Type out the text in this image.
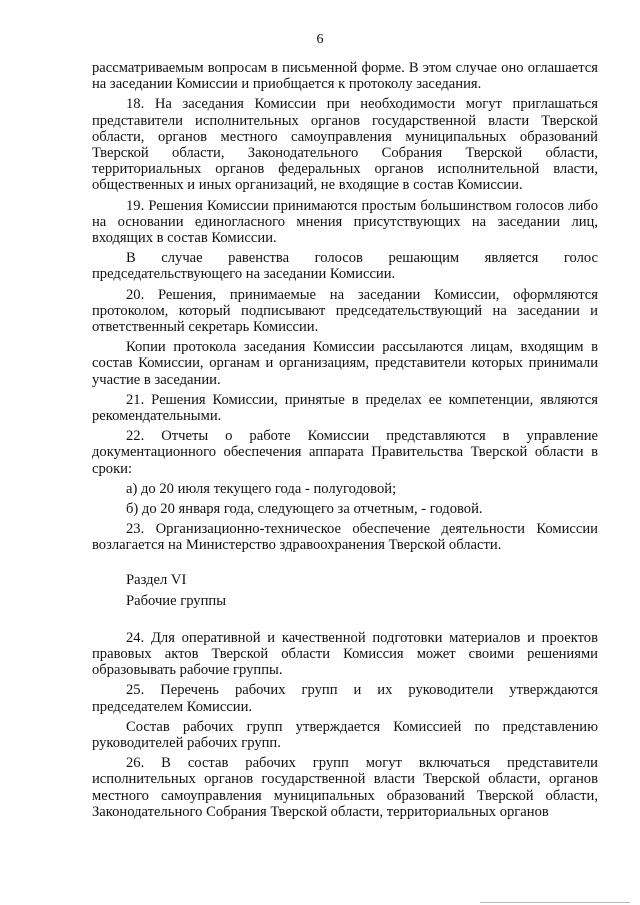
6

рассматриваемым вопросам в письменной форме. В этом случае оно оглашается на заседании Комиссии и приобщается к протоколу заседания.

18. На заседания Комиссии при необходимости могут приглашаться представители исполнительных органов государственной власти Тверской области, органов местного самоуправления муниципальных образований Тверской области, Законодательного Собрания Тверской области, территориальных органов федеральных органов исполнительной власти, общественных и иных организаций, не входящие в состав Комиссии.

19. Решения Комиссии принимаются простым большинством голосов либо на основании единогласного мнения присутствующих на заседании лиц, входящих в состав Комиссии.

В случае равенства голосов решающим является голос председательствующего на заседании Комиссии.

20. Решения, принимаемые на заседании Комиссии, оформляются протоколом, который подписывают председательствующий на заседании и ответственный секретарь Комиссии.

Копии протокола заседания Комиссии рассылаются лицам, входящим в состав Комиссии, органам и организациям, представители которых принимали участие в заседании.

21. Решения Комиссии, принятые в пределах ее компетенции, являются рекомендательными.

22. Отчеты о работе Комиссии представляются в управление документационного обеспечения аппарата Правительства Тверской области в сроки:

а) до 20 июля текущего года - полугодовой;

б) до 20 января года, следующего за отчетным, - годовой.

23. Организационно-техническое обеспечение деятельности Комиссии возлагается на Министерство здравоохранения Тверской области.

Раздел VI

Рабочие группы

24. Для оперативной и качественной подготовки материалов и проектов правовых актов Тверской области Комиссия может своими решениями образовывать рабочие группы.

25. Перечень рабочих групп и их руководители утверждаются председателем Комиссии.

Состав рабочих групп утверждается Комиссией по представлению руководителей рабочих групп.

26. В состав рабочих групп могут включаться представители исполнительных органов государственной власти Тверской области, органов местного самоуправления муниципальных образований Тверской области, Законодательного Собрания Тверской области, территориальных органов
